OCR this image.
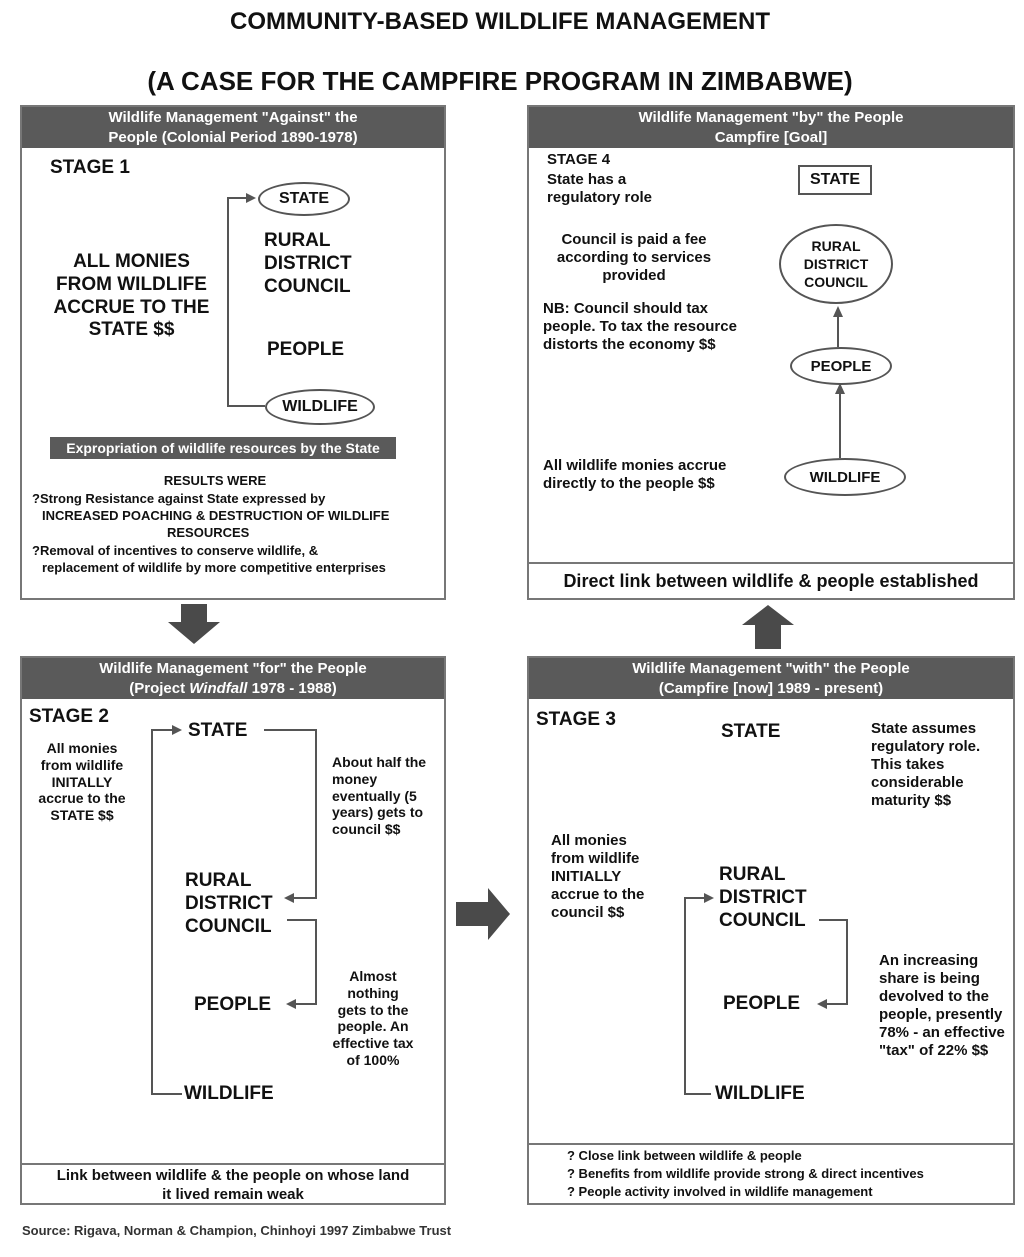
COMMUNITY-BASED WILDLIFE MANAGEMENT
(A CASE FOR THE CAMPFIRE PROGRAM IN ZIMBABWE)
Wildlife Management "Against" the
People (Colonial Period 1890-1978)
STAGE 1
ALL MONIES FROM WILDLIFE ACCRUE TO THE STATE $$
STATE
RURAL DISTRICT COUNCIL
PEOPLE
WILDLIFE
Expropriation of wildlife resources by the State
RESULTS WERE
?Strong Resistance against State expressed by
INCREASED POACHING & DESTRUCTION OF WILDLIFE
RESOURCES
?Removal of incentives to conserve wildlife, &
replacement of wildlife by more competitive enterprises
Wildlife Management "by" the People
Campfire [Goal]
STAGE 4
State has a regulatory role
STATE
RURAL DISTRICT COUNCIL
PEOPLE
WILDLIFE
Council is paid a fee according to services provided
NB: Council should tax people. To tax the resource distorts the economy $$
All wildlife monies accrue directly to the people $$
Direct link between wildlife & people established
Wildlife Management "for" the People
(Project Windfall 1978 - 1988)
STAGE 2
All monies from wildlife INITALLY accrue to the STATE $$
STATE
RURAL DISTRICT COUNCIL
PEOPLE
WILDLIFE
About half the money eventually (5 years) gets to council $$
Almost nothing gets to the people. An effective tax of 100%
Link between wildlife & the people on whose land it lived remain weak
Wildlife Management "with" the People
(Campfire [now] 1989 - present)
STAGE 3
STATE	State assumes regulatory role. This takes considerable maturity $$
All monies from wildlife INITIALLY accrue to the council $$
RURAL DISTRICT COUNCIL
PEOPLE
WILDLIFE
An increasing share is being devolved to the people, presently 78% - an effective "tax" of 22% $$
? Close link between wildlife & people
? Benefits from wildlife provide strong & direct incentives
? People activity involved in wildlife management
Source: Rigava, Norman & Champion, Chinhoyi 1997 Zimbabwe Trust
